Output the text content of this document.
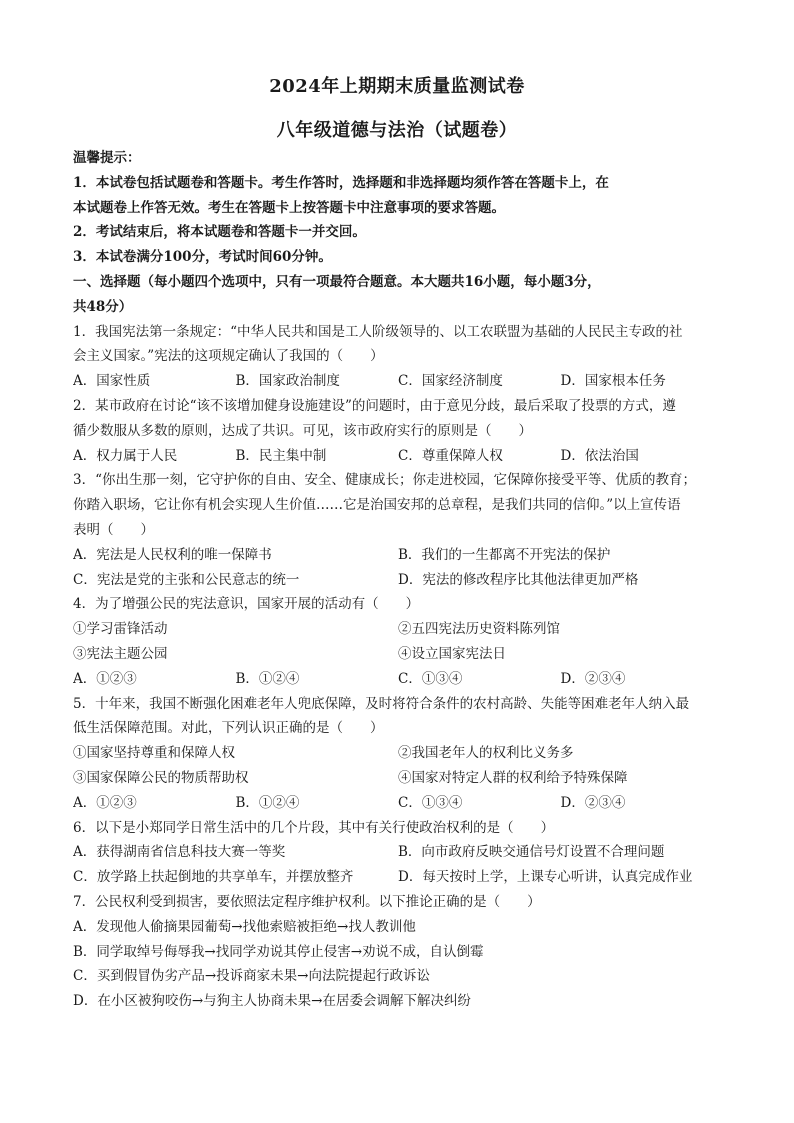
2024年上期期末质量监测试卷
八年级道德与法治（试题卷）
温馨提示：
1．本试卷包括试题卷和答题卡。考生作答时，选择题和非选择题均须作答在答题卡上，在
本试题卷上作答无效。考生在答题卡上按答题卡中注意事项的要求答题。
2．考试结束后，将本试题卷和答题卡一并交回。
3．本试卷满分100分，考试时间60分钟。
一、选择题（每小题四个选项中，只有一项最符合题意。本大题共16小题，每小题3分，
共48分）
1．我国宪法第一条规定：“中华人民共和国是工人阶级领导的、以工农联盟为基础的人民民主专政的社
会主义国家。”宪法的这项规定确认了我国的（　　）
A．国家性质	B．国家政治制度	C．国家经济制度	D．国家根本任务
2．某市政府在讨论“该不该增加健身设施建设”的问题时，由于意见分歧，最后采取了投票的方式，遵
循少数服从多数的原则，达成了共识。可见，该市政府实行的原则是（　　）
A．权力属于人民	B．民主集中制	C．尊重保障人权	D．依法治国
3．“你出生那一刻，它守护你的自由、安全、健康成长；你走进校园，它保障你接受平等、优质的教育；
你踏入职场，它让你有机会实现人生价值……它是治国安邦的总章程，是我们共同的信仰。”以上宣传语
表明（　　）
A．宪法是人民权利的唯一保障书	B．我们的一生都离不开宪法的保护
C．宪法是党的主张和公民意志的统一	D．宪法的修改程序比其他法律更加严格
4．为了增强公民的宪法意识，国家开展的活动有（　　）
①学习雷锋活动	②五四宪法历史资料陈列馆
③宪法主题公园	④设立国家宪法日
A．①②③	B．①②④	C．①③④	D．②③④
5．十年来，我国不断强化困难老年人兜底保障，及时将符合条件的农村高龄、失能等困难老年人纳入最
低生活保障范围。对此，下列认识正确的是（　　）
①国家坚持尊重和保障人权	②我国老年人的权利比义务多
③国家保障公民的物质帮助权	④国家对特定人群的权利给予特殊保障
A．①②③	B．①②④	C．①③④	D．②③④
6．以下是小郑同学日常生活中的几个片段，其中有关行使政治权利的是（　　）
A．获得湖南省信息科技大赛一等奖	B．向市政府反映交通信号灯设置不合理问题
C．放学路上扶起倒地的共享单车，并摆放整齐	D．每天按时上学，上课专心听讲，认真完成作业
7．公民权利受到损害，要依照法定程序维护权利。以下推论正确的是（　　）
A．发现他人偷摘果园葡萄→找他索赔被拒绝→找人教训他
B．同学取绰号侮辱我→找同学劝说其停止侵害→劝说不成，自认倒霉
C．买到假冒伪劣产品→投诉商家未果→向法院提起行政诉讼
D．在小区被狗咬伤→与狗主人协商未果→在居委会调解下解决纠纷
